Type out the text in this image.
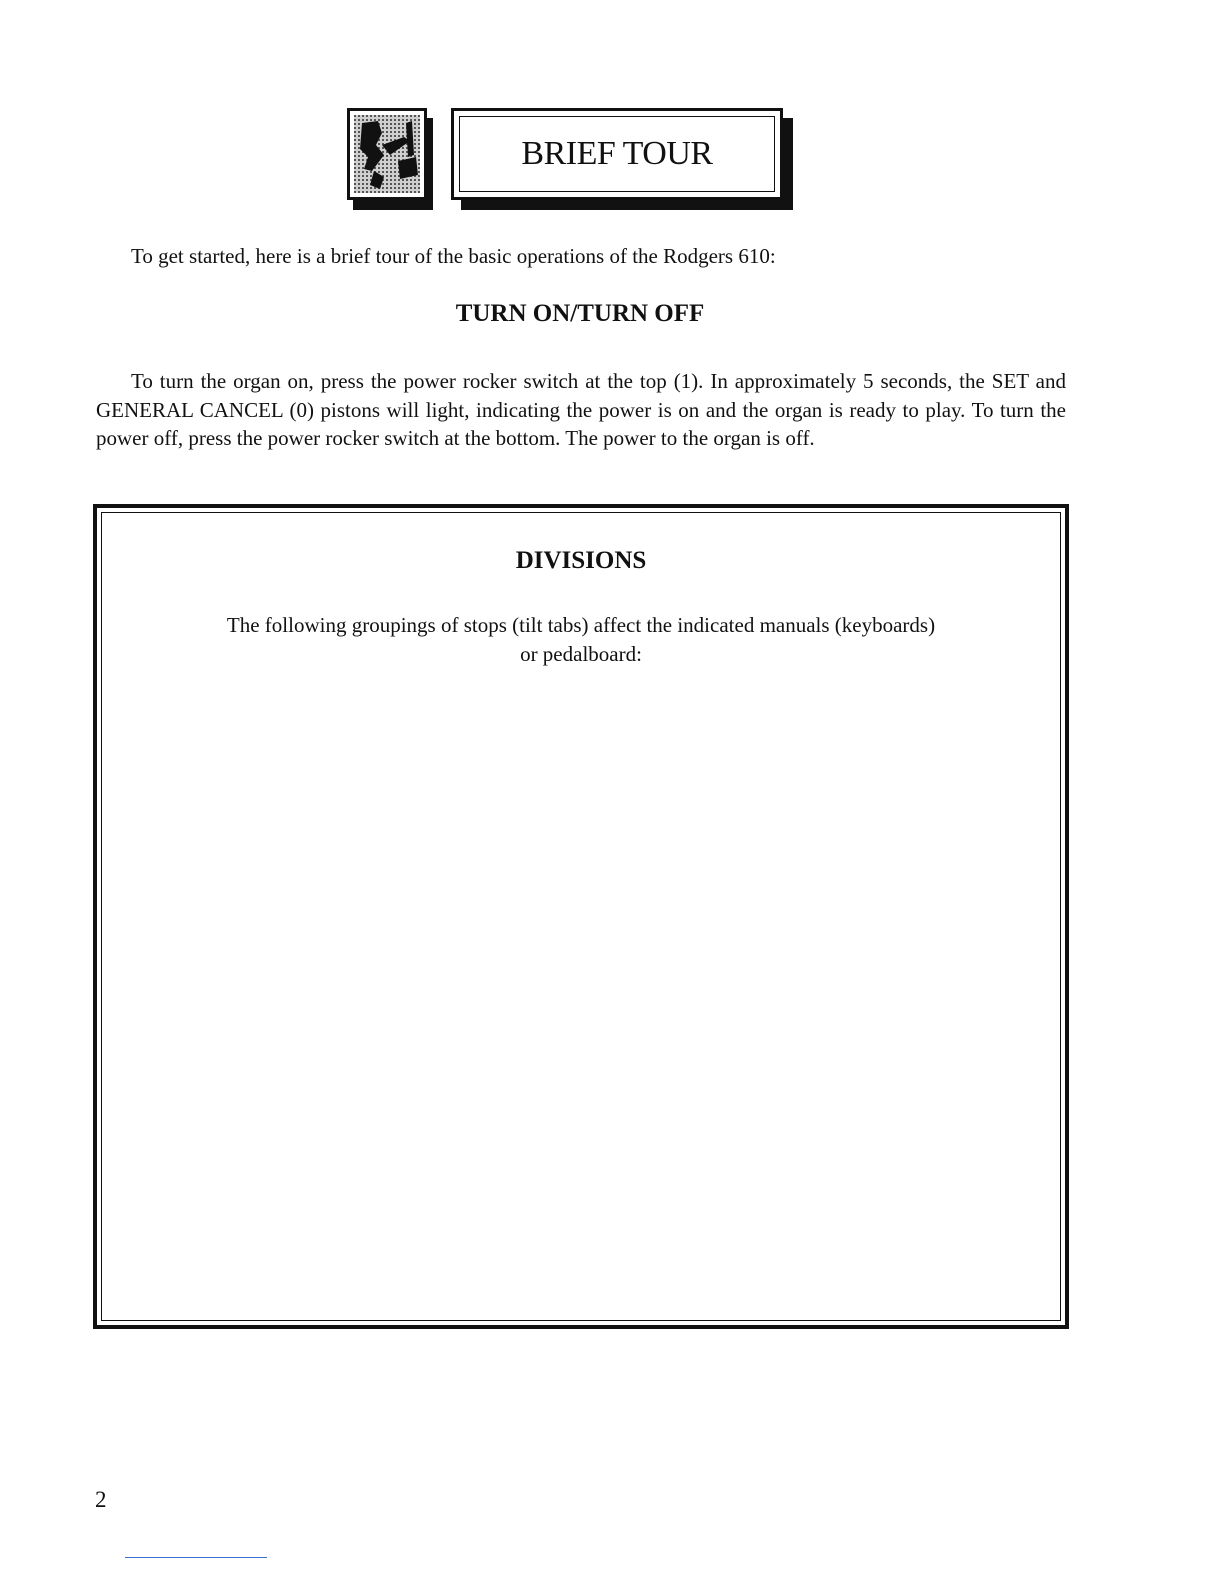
BRIEF TOUR

To get started, here is a brief tour of the basic operations of the Rodgers 610:

TURN ON/TURN OFF

To turn the organ on, press the power rocker switch at the top (1). In approximately 5 seconds, the SET and GENERAL CANCEL (0) pistons will light, indicating the power is on and the organ is ready to play. To turn the power off, press the power rocker switch at the bottom. The power to the organ is off.

DIVISIONS

The following groupings of stops (tilt tabs) affect the indicated manuals (keyboards)
or pedalboard:

2
